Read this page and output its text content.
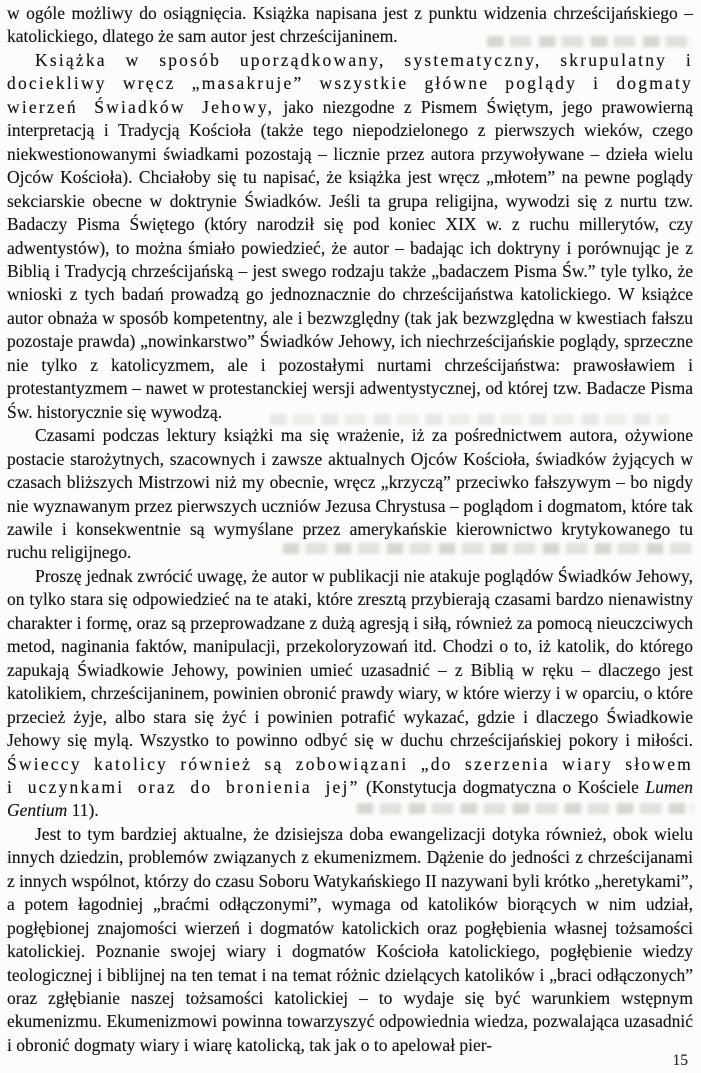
w ogóle możliwy do osiągnięcia. Książka napisana jest z punktu widzenia chrześcijańskiego – katolickiego, dlatego że sam autor jest chrześcijaninem.

Książka w sposób uporządkowany, systematyczny, skrupulatny i dociekliwy wręcz „masakruje” wszystkie główne poglądy i dogmaty wierzeń Świadków Jehowy, jako niezgodne z Pismem Świętym, jego prawowierną interpretacją i Tradycją Kościoła (także tego niepodzielonego z pierwszych wieków, czego niekwestionowanymi świadkami pozostają – licznie przez autora przywoływane – dzieła wielu Ojców Kościoła). Chciałoby się tu napisać, że książka jest wręcz „młotem” na pewne poglądy sekciarskie obecne w doktrynie Świadków. Jeśli ta grupa religijna, wywodzi się z nurtu tzw. Badaczy Pisma Świętego (który narodził się pod koniec XIX w. z ruchu millerytów, czy adwentystów), to można śmiało powiedzieć, że autor – badając ich doktryny i porównując je z Biblią i Tradycją chrześcijańską – jest swego rodzaju także „badaczem Pisma Św.” tyle tylko, że wnioski z tych badań prowadzą go jednoznacznie do chrześcijaństwa katolickiego. W książce autor obnaża w sposób kompetentny, ale i bezwzględny (tak jak bezwzględna w kwestiach fałszu pozostaje prawda) „nowinkarstwo” Świadków Jehowy, ich niechrześcijańskie poglądy, sprzeczne nie tylko z katolicyzmem, ale i pozostałymi nurtami chrześcijaństwa: prawosławiem i protestantyzmem – nawet w protestanckiej wersji adwentystycznej, od której tzw. Badacze Pisma Św. historycznie się wywodzą.

Czasami podczas lektury książki ma się wrażenie, iż za pośrednictwem autora, ożywione postacie starożytnych, szacownych i zawsze aktualnych Ojców Kościoła, świadków żyjących w czasach bliższych Mistrzowi niż my obecnie, wręcz „krzyczą” przeciwko fałszywym – bo nigdy nie wyznawanym przez pierwszych uczniów Jezusa Chrystusa – poglądom i dogmatom, które tak zawile i konsekwentnie są wymyślane przez amerykańskie kierownictwo krytykowanego tu ruchu religijnego.

Proszę jednak zwrócić uwagę, że autor w publikacji nie atakuje poglądów Świadków Jehowy, on tylko stara się odpowiedzieć na te ataki, które zresztą przybierają czasami bardzo nienawistny charakter i formę, oraz są przeprowadzane z dużą agresją i siłą, również za pomocą nieuczciwych metod, naginania faktów, manipulacji, przekoloryzowań itd. Chodzi o to, iż katolik, do którego zapukają Świadkowie Jehowy, powinien umieć uzasadnić – z Biblią w ręku – dlaczego jest katolikiem, chrześcijaninem, powinien obronić prawdy wiary, w które wierzy i w oparciu, o które przecież żyje, albo stara się żyć i powinien potrafić wykazać, gdzie i dlaczego Świadkowie Jehowy się mylą. Wszystko to powinno odbyć się w duchu chrześcijańskiej pokory i miłości. Świeccy katolicy również są zobowiązani „do szerzenia wiary słowem i uczynkami oraz do bronienia jej” (Konstytucja dogmatyczna o Kościele Lumen Gentium 11).

Jest to tym bardziej aktualne, że dzisiejsza doba ewangelizacji dotyka również, obok wielu innych dziedzin, problemów związanych z ekumenizmem. Dążenie do jedności z chrześcijanami z innych wspólnot, którzy do czasu Soboru Watykańskiego II nazywani byli krótko „heretykami”, a potem łagodniej „braćmi odłączonymi”, wymaga od katolików biorących w nim udział, pogłębionej znajomości wierzeń i dogmatów katolickich oraz pogłębienia własnej tożsamości katolickiej. Poznanie swojej wiary i dogmatów Kościoła katolickiego, pogłębienie wiedzy teologicznej i biblijnej na ten temat i na temat różnic dzielących katolików i „braci odłączonych” oraz zgłębianie naszej tożsamości katolickiej – to wydaje się być warunkiem wstępnym ekumenizmu. Ekumenizmowi powinna towarzyszyć odpowiednia wiedza, pozwalająca uzasadnić i obronić dogmaty wiary i wiarę katolicką, tak jak o to apelował pier-

15
